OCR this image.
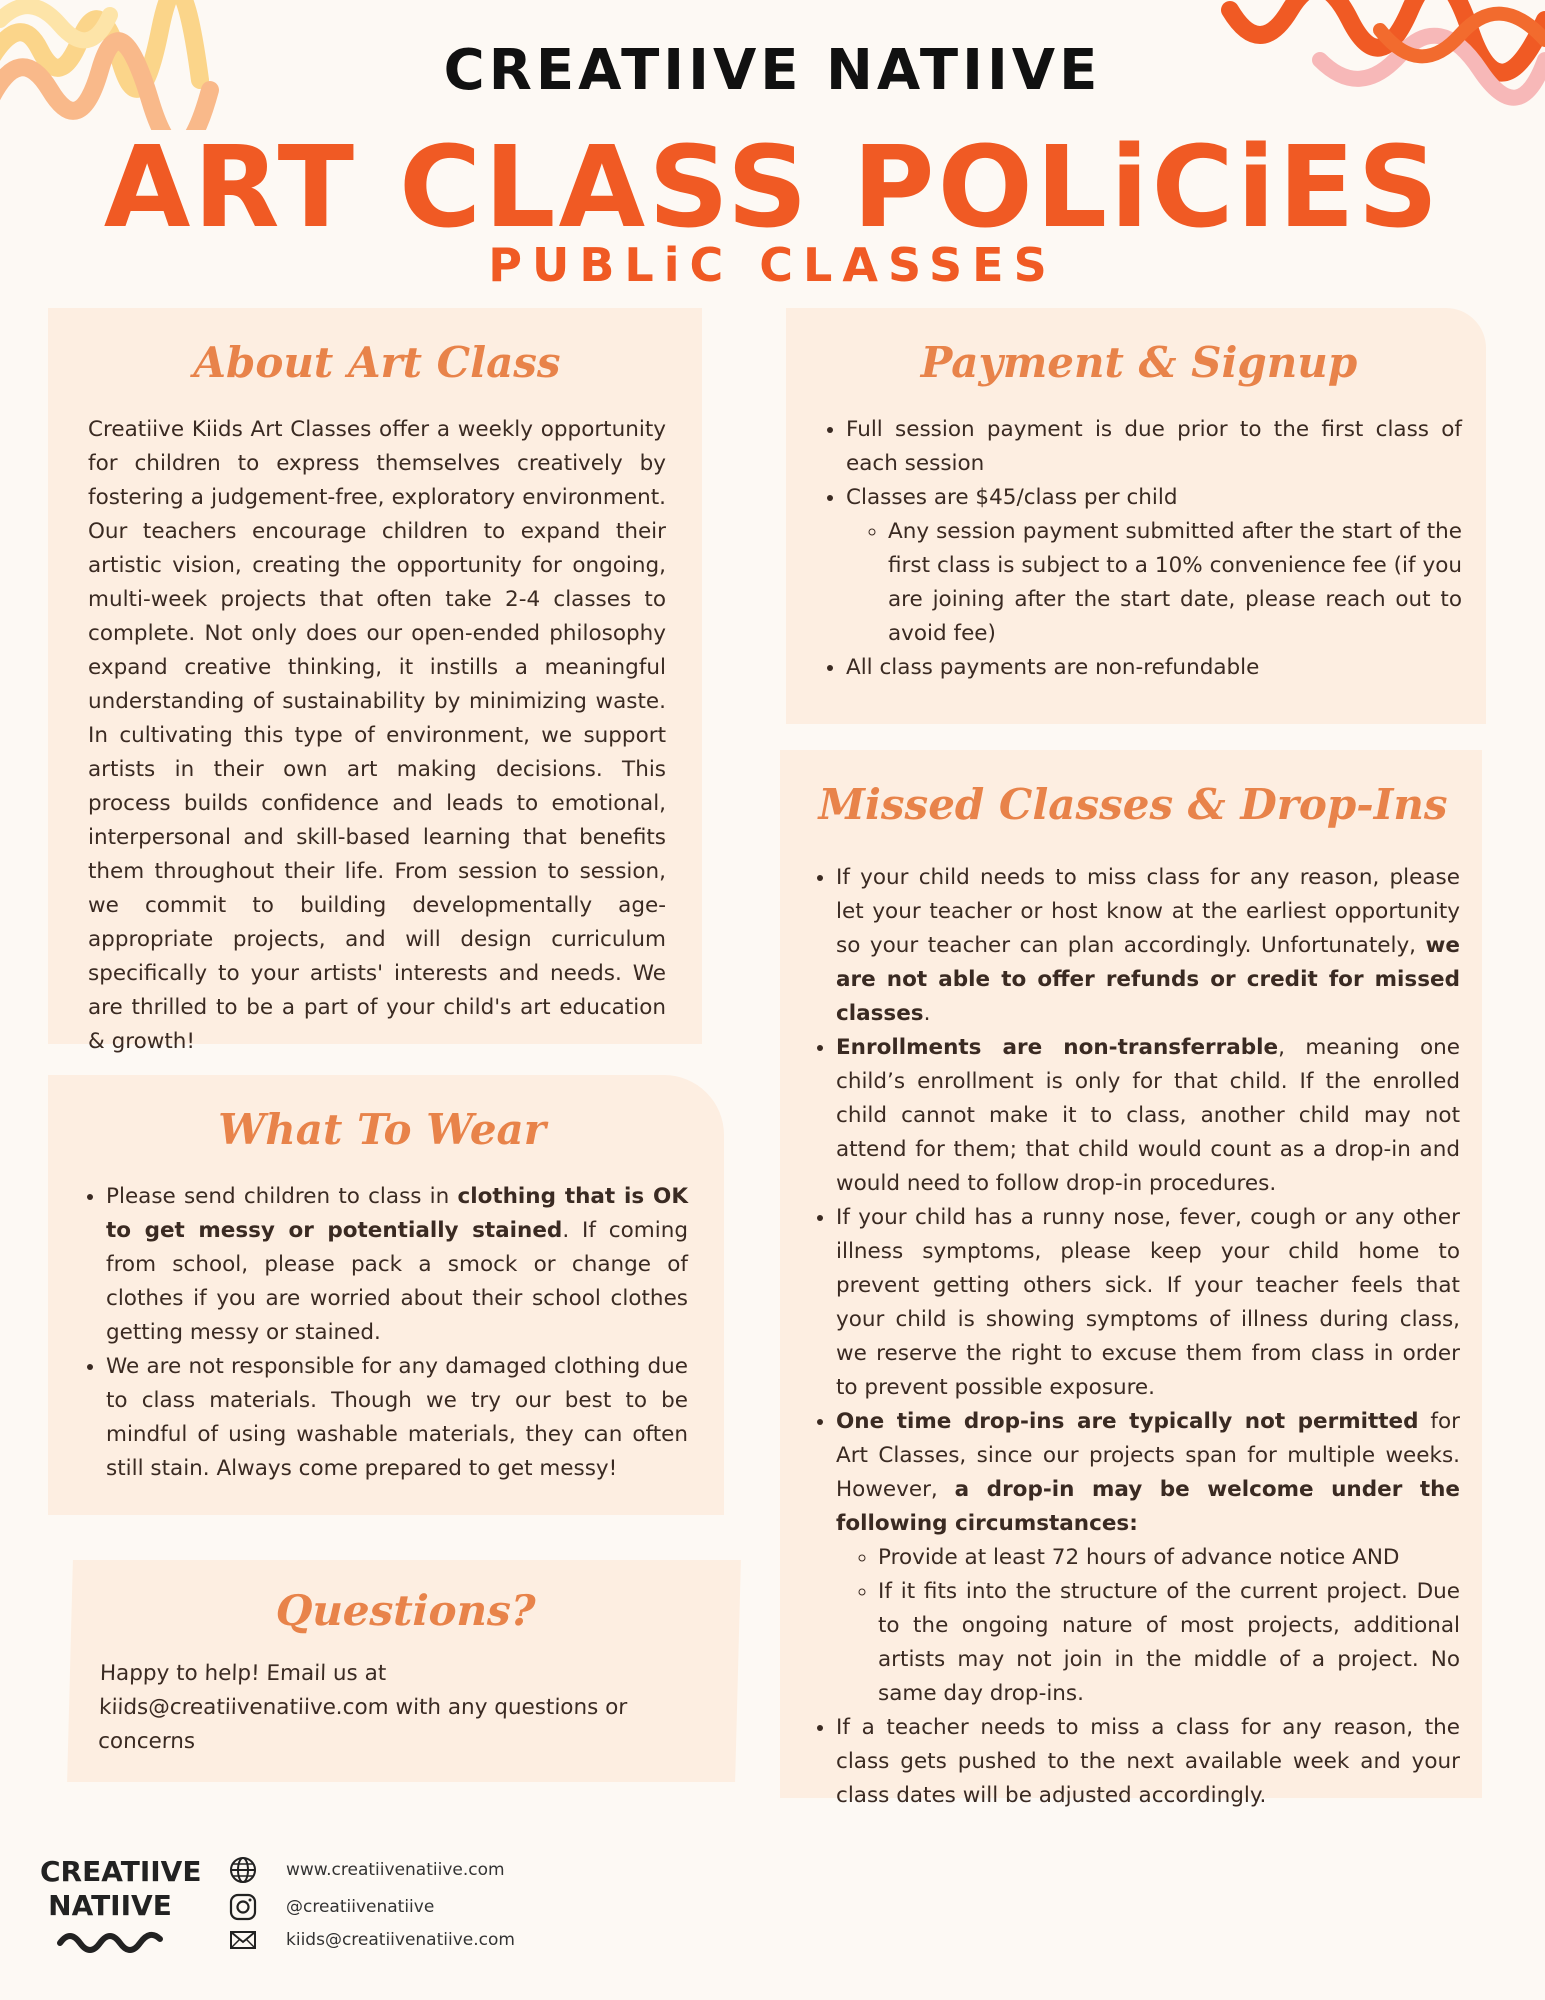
CREATIIVE NATIIVE
ART CLASS POLiCiES
PUBLiC CLASSES
About Art Class
Creatiive Kiids Art Classes offer a weekly opportunity for children to express themselves creatively by fostering a judgement-free, exploratory environment. Our teachers encourage children to expand their artistic vision, creating the opportunity for ongoing, multi-week projects that often take 2-4 classes to complete. Not only does our open-ended philosophy expand creative thinking, it instills a meaningful understanding of sustainability by minimizing waste. In cultivating this type of environment, we support artists in their own art making decisions. This process builds confidence and leads to emotional, interpersonal and skill-based learning that benefits them throughout their life. From session to session, we commit to building developmentally age-appropriate projects, and will design curriculum specifically to your artists' interests and needs. We are thrilled to be a part of your child's art education & growth!
Payment & Signup
• Full session payment is due prior to the first class of each session
• Classes are $45/class per child
◦ Any session payment submitted after the start of the first class is subject to a 10% convenience fee (if you are joining after the start date, please reach out to avoid fee)
• All class payments are non-refundable
What To Wear
• Please send children to class in clothing that is OK to get messy or potentially stained. If coming from school, please pack a smock or change of clothes if you are worried about their school clothes getting messy or stained.
• We are not responsible for any damaged clothing due to class materials. Though we try our best to be mindful of using washable materials, they can often still stain. Always come prepared to get messy!
Questions?
Happy to help! Email us at kiids@creatiivenatiive.com with any questions or concerns
Missed Classes & Drop-Ins
• If your child needs to miss class for any reason, please let your teacher or host know at the earliest opportunity so your teacher can plan accordingly. Unfortunately, we are not able to offer refunds or credit for missed classes.
• Enrollments are non-transferrable, meaning one child’s enrollment is only for that child. If the enrolled child cannot make it to class, another child may not attend for them; that child would count as a drop-in and would need to follow drop-in procedures.
• If your child has a runny nose, fever, cough or any other illness symptoms, please keep your child home to prevent getting others sick. If your teacher feels that your child is showing symptoms of illness during class, we reserve the right to excuse them from class in order to prevent possible exposure.
• One time drop-ins are typically not permitted for Art Classes, since our projects span for multiple weeks. However, a drop-in may be welcome under the following circumstances:
◦ Provide at least 72 hours of advance notice AND
◦ If it fits into the structure of the current project. Due to the ongoing nature of most projects, additional artists may not join in the middle of a project. No same day drop-ins.
• If a teacher needs to miss a class for any reason, the class gets pushed to the next available week and your class dates will be adjusted accordingly.
CREATIIVE
NATIIVE
www.creatiivenatiive.com
@creatiivenatiive
kiids@creatiivenatiive.com
